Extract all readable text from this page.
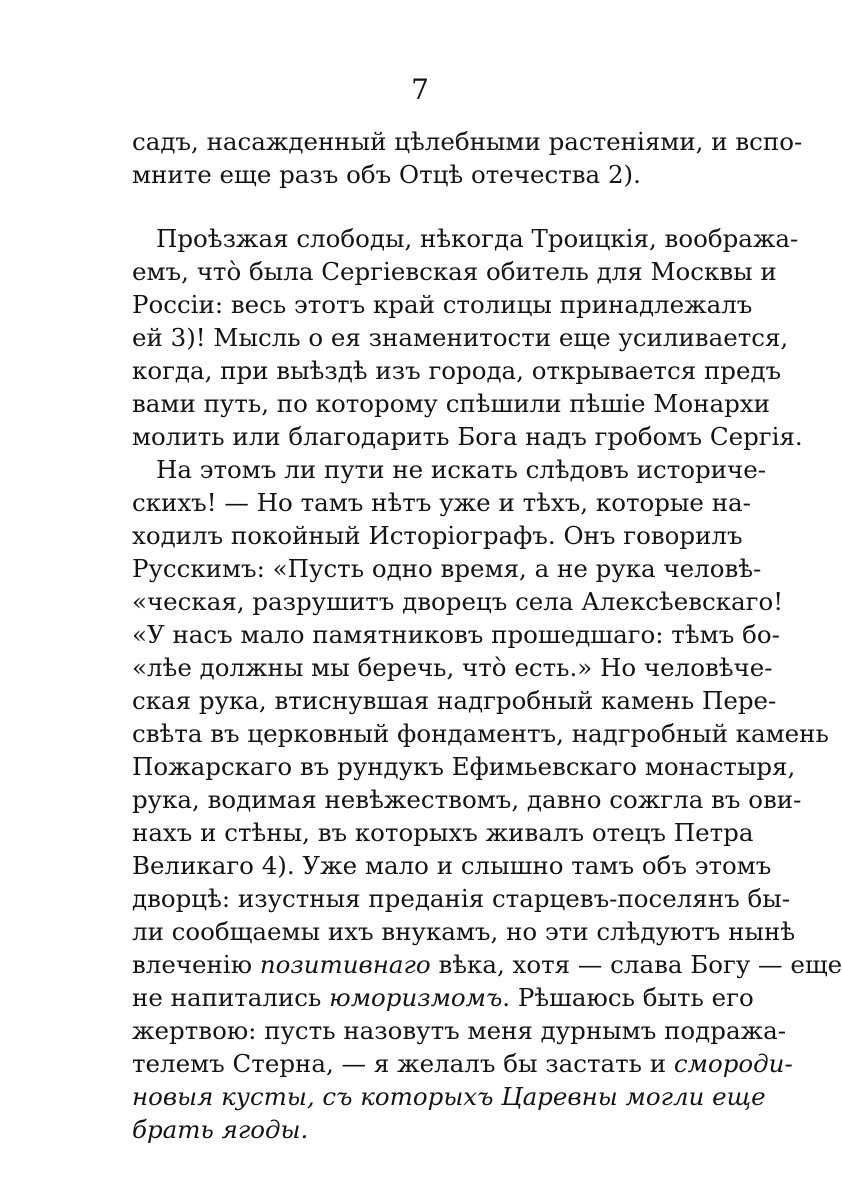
7
садъ, насажденный цѣлебными растеніями, и вспо-
мните еще разъ объ Отцѣ отечества 2).
Проѣзжая слободы, нѣкогда Троицкія, вообража-
емъ, что̀ была Сергіевская обитель для Москвы и
Россіи: весь этотъ край столицы принадлежалъ
ей 3)! Мысль о ея знаменитости еще усиливается,
когда, при выѣздѣ изъ города, открывается предъ
вами путь, по которому спѣшили пѣшіе Монархи
молить или благодарить Бога надъ гробомъ Сергія.
На этомъ ли пути не искать слѣдовъ историче-
скихъ! — Но тамъ нѣтъ уже и тѣхъ, которые на-
ходилъ покойный Исторіографъ. Онъ говорилъ
Русскимъ: «Пусть одно время, а не рука человѣ-
«ческая, разрушитъ дворецъ села Алексѣевскаго!
«У насъ мало памятниковъ прошедшаго: тѣмъ бо-
«лѣе должны мы беречь, что̀ есть.» Но человѣче-
ская рука, втиснувшая надгробный камень Пере-
свѣта въ церковный фондаментъ, надгробный камень
Пожарскаго въ рундукъ Ефимьевскаго монастыря,
рука, водимая невѣжествомъ, давно сожгла въ ови-
нахъ и стѣны, въ которыхъ живалъ отецъ Петра
Великаго 4). Уже мало и слышно тамъ объ этомъ
дворцѣ: изустныя преданія старцевъ-поселянъ бы-
ли сообщаемы ихъ внукамъ, но эти слѣдуютъ нынѣ
влеченію позитивнаго вѣка, хотя — слава Богу — еще
не напитались юморизмомъ. Рѣшаюсь быть его
жертвою: пусть назовутъ меня дурнымъ подража-
телемъ Стерна, — я желалъ бы застать и смороди-
новыя кусты, съ которыхъ Царевны могли еще
брать ягоды.
